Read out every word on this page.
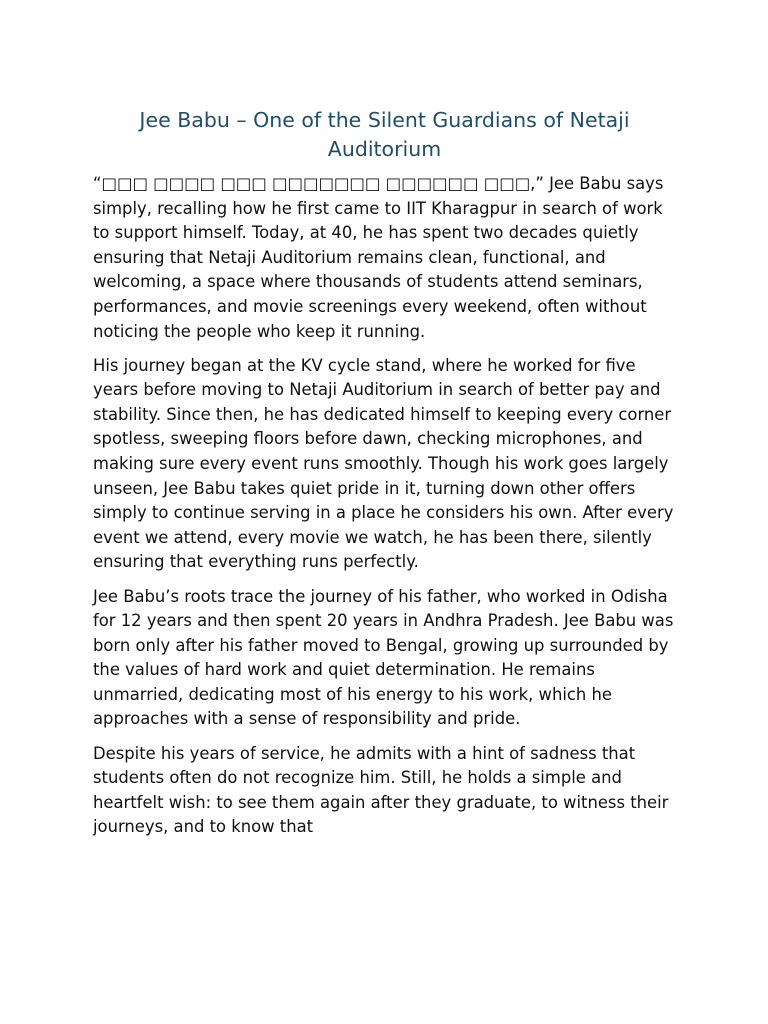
Jee Babu – One of the Silent Guardians of Netaji Auditorium

“□□□ □□□□ □□□ □□□□□□□ □□□□□□ □□□,” Jee Babu says simply, recalling how he first came to IIT Kharagpur in search of work to support himself. Today, at 40, he has spent two decades quietly ensuring that Netaji Auditorium remains clean, functional, and welcoming, a space where thousands of students attend seminars, performances, and movie screenings every weekend, often without noticing the people who keep it running.

His journey began at the KV cycle stand, where he worked for five years before moving to Netaji Auditorium in search of better pay and stability. Since then, he has dedicated himself to keeping every corner spotless, sweeping floors before dawn, checking microphones, and making sure every event runs smoothly. Though his work goes largely unseen, Jee Babu takes quiet pride in it, turning down other offers simply to continue serving in a place he considers his own. After every event we attend, every movie we watch, he has been there, silently ensuring that everything runs perfectly.

Jee Babu’s roots trace the journey of his father, who worked in Odisha for 12 years and then spent 20 years in Andhra Pradesh. Jee Babu was born only after his father moved to Bengal, growing up surrounded by the values of hard work and quiet determination. He remains unmarried, dedicating most of his energy to his work, which he approaches with a sense of responsibility and pride.

Despite his years of service, he admits with a hint of sadness that students often do not recognize him. Still, he holds a simple and heartfelt wish: to see them again after they graduate, to witness their journeys, and to know that
